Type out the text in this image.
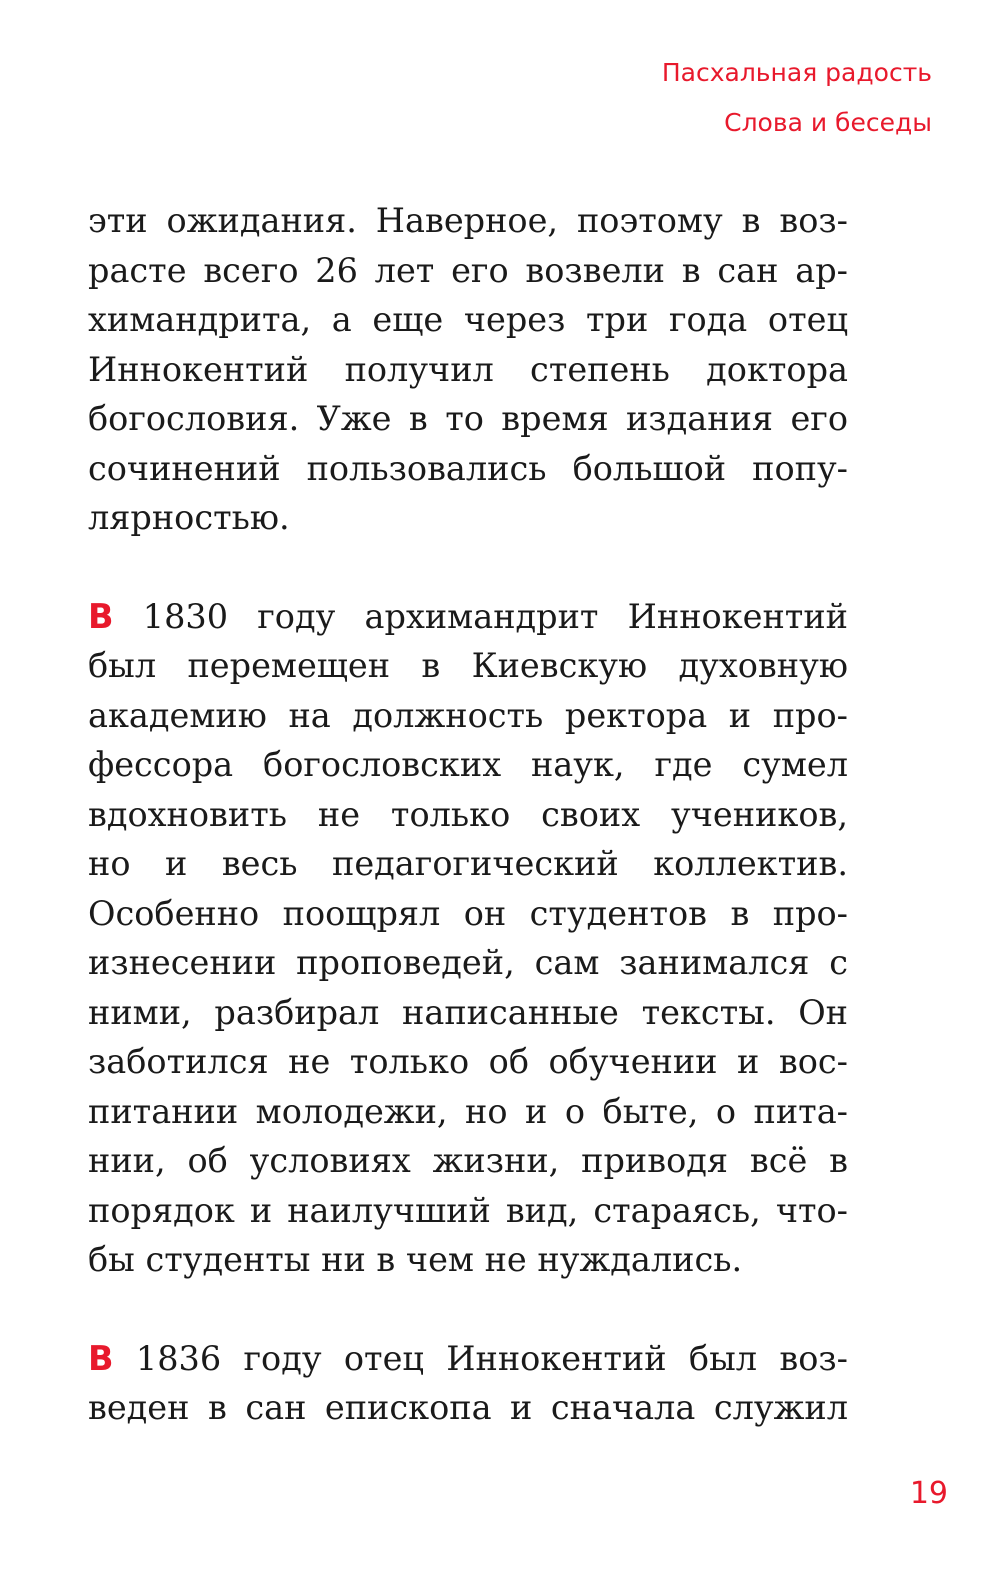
Пасхальная радость
Слова и беседы
эти ожидания. Наверное, поэтому в воз-
расте всего 26 лет его возвели в сан ар-
химандрита, а еще через три года отец
Иннокентий получил степень доктора
богословия. Уже в то время издания его
сочинений пользовались большой попу-
лярностью.
В 1830 году архимандрит Иннокентий
был перемещен в Киевскую духовную
академию на должность ректора и про-
фессора богословских наук, где сумел
вдохновить не только своих учеников,
но и весь педагогический коллектив.
Особенно поощрял он студентов в про-
изнесении проповедей, сам занимался с
ними, разбирал написанные тексты. Он
заботился не только об обучении и вос-
питании молодежи, но и о быте, о пита-
нии, об условиях жизни, приводя всё в
порядок и наилучший вид, стараясь, что-
бы студенты ни в чем не нуждались.
В 1836 году отец Иннокентий был воз-
веден в сан епископа и сначала служил
19
